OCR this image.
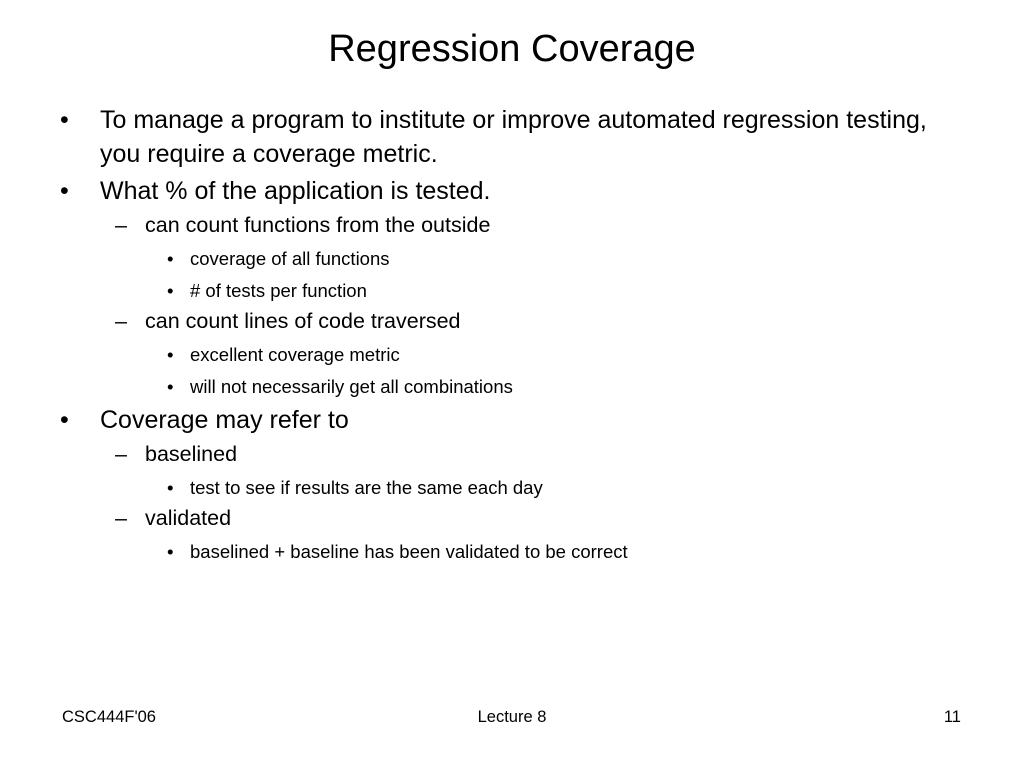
Regression Coverage
•	To manage a program to institute or improve automated regression testing, you require a coverage metric.
•	What % of the application is tested.
– can count functions from the outside
• coverage of all functions
• # of tests per function
– can count lines of code traversed
• excellent coverage metric
• will not necessarily get all combinations
•	Coverage may refer to
– baselined
• test to see if results are the same each day
– validated
• baselined + baseline has been validated to be correct
CSC444F'06	Lecture 8	11
